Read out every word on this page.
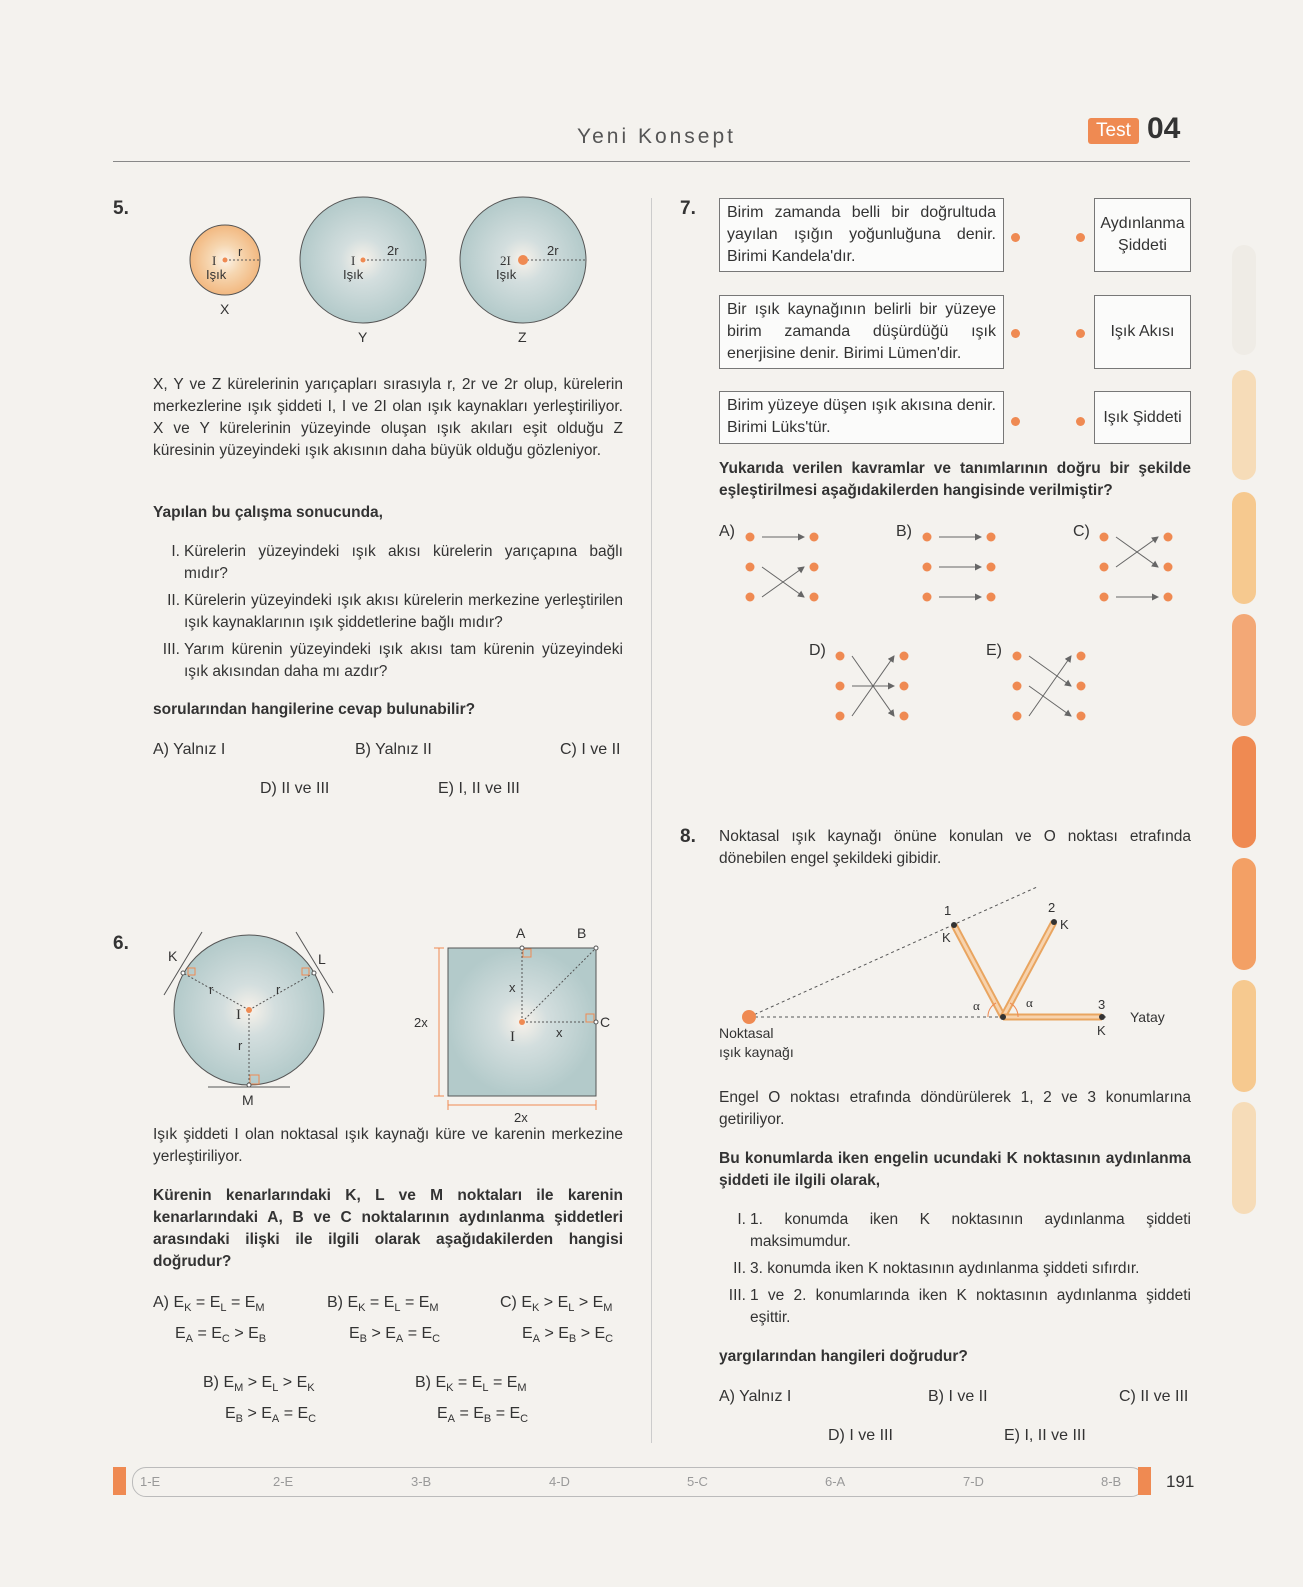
Yeni Konsept	Test 04
5.
I
r
Işık
X
I
2r
Işık
Y
2I
2r
Işık
Z
X, Y ve Z kürelerinin yarıçapları sırasıyla r, 2r ve 2r olup, kürelerin merkezlerine ışık şiddeti I, I ve 2I olan ışık kaynakları yerleştiriliyor. X ve Y kürelerinin yüzeyinde oluşan ışık akıları eşit olduğu Z küresinin yüzeyindeki ışık akısının daha büyük olduğu gözleniyor.
Yapılan bu çalışma sonucunda,
I. Kürelerin yüzeyindeki ışık akısı kürelerin yarıçapına bağlı mıdır?
II. Kürelerin yüzeyindeki ışık akısı kürelerin merkezine yerleştirilen ışık kaynaklarının ışık şiddetlerine bağlı mıdır?
III. Yarım kürenin yüzeyindeki ışık akısı tam kürenin yüzeyindeki ışık akısından daha mı azdır?
sorularından hangilerine cevap bulunabilir?
A) Yalnız I	B) Yalnız II	C) I ve II
D) II ve III	E) I, II ve III
6.
K	L
M
I
r	r
r
A	B
C
I
x
x
2x
2x
Işık şiddeti I olan noktasal ışık kaynağı küre ve karenin merkezine yerleştiriliyor.
Kürenin kenarlarındaki K, L ve M noktaları ile karenin kenarlarındaki A, B ve C noktalarının aydınlanma şiddetleri arasındaki ilişki ile ilgili olarak aşağıdakilerden hangisi doğrudur?
A) $E_K = E_L = E_M$
$E_A = E_C > E_B$
B) $E_K = E_L = E_M$
$E_B > E_A = E_C$
C) $E_K > E_L > E_M$
$E_A > E_B > E_C$
B) $E_M > E_L > E_K$
$E_B > E_A = E_C$
B) $E_K = E_L = E_M$
$E_A = E_B = E_C$
7.	Birim zamanda belli bir doğrultuda yayılan ışığın yoğunluğuna denir. Birimi Kandela'dır.
Bir ışık kaynağının belirli bir yüzeye birim zamanda düşürdüğü ışık enerjisine denir. Birimi Lümen'dir.
Birim yüzeye düşen ışık akısına denir. Birimi Lüks'tür.
Aydınlanma Şiddeti
Işık Akısı
Işık Şiddeti
Yukarıda verilen kavramlar ve tanımlarının doğru bir şekilde eşleştirilmesi aşağıdakilerden hangisinde verilmiştir?
A)	B)	C)
D)	E)
8. Noktasal ışık kaynağı önüne konulan ve O noktası etrafında dönebilen engel şekildeki gibidir.
1
K
2
K
3
K
α	α
Yatay
Noktasal
ışık kaynağı
Engel O noktası etrafında döndürülerek 1, 2 ve 3 konumlarına getiriliyor.
Bu konumlarda iken engelin ucundaki K noktasının aydınlanma şiddeti ile ilgili olarak,
I. 1. konumda iken K noktasının aydınlanma şiddeti maksimumdur.
II. 3. konumda iken K noktasının aydınlanma şiddeti sıfırdır.
III. 1 ve 2. konumlarında iken K noktasının aydınlanma şiddeti eşittir.
yargılarından hangileri doğrudur?
A) Yalnız I	B) I ve II	C) II ve III
D) I ve III	E) I, II ve III
1-E	2-E	3-B	4-D	5-C	6-A	7-D	8-B	191
